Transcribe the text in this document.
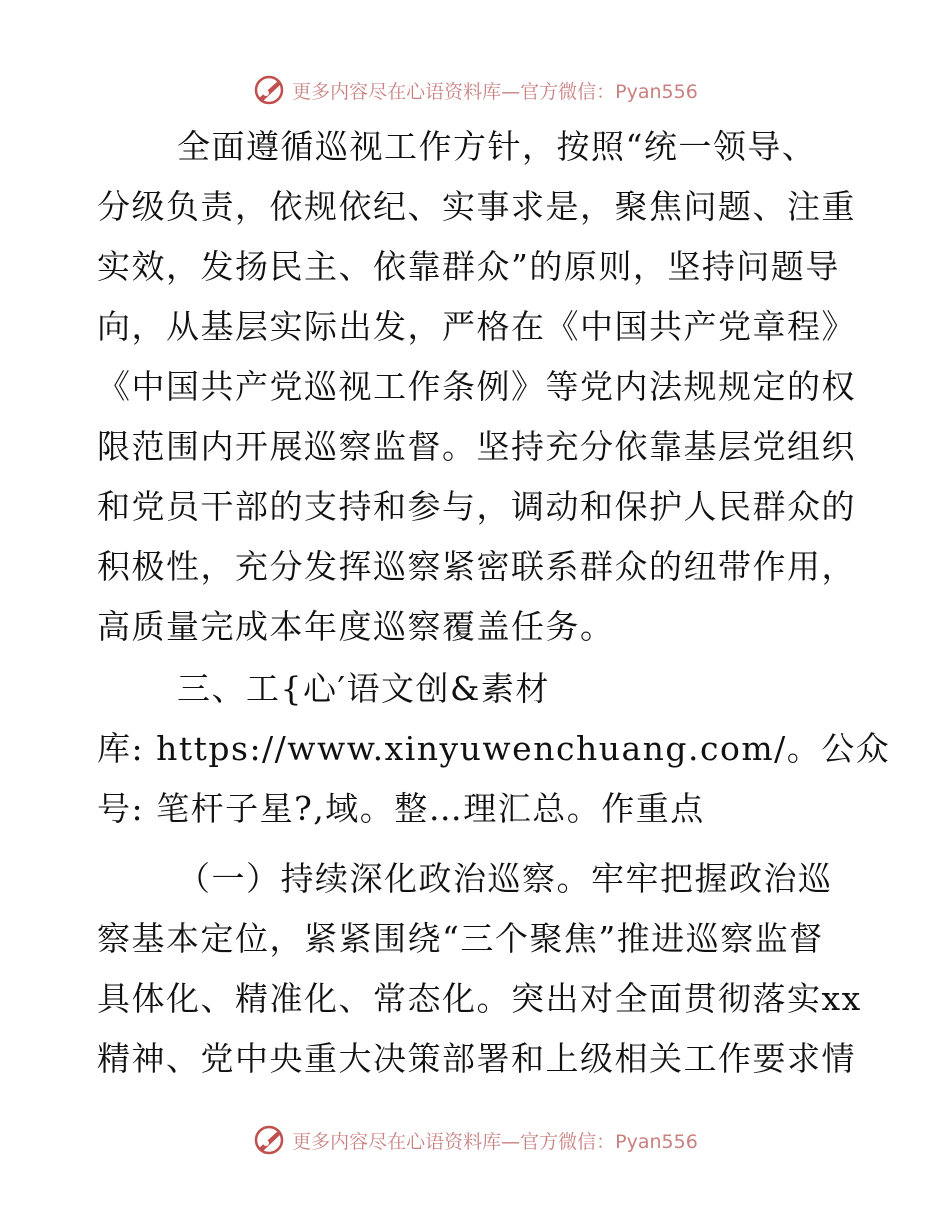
更多内容尽在心语资料库—官方微信：Pyan556
全面遵循巡视工作方针，按照“统一领导、
分级负责，依规依纪、实事求是，聚焦问题、注重
实效，发扬民主、依靠群众”的原则，坚持问题导
向，从基层实际出发，严格在《中国共产党章程》
《中国共产党巡视工作条例》等党内法规规定的权
限范围内开展巡察监督。坚持充分依靠基层党组织
和党员干部的支持和参与，调动和保护人民群众的
积极性，充分发挥巡察紧密联系群众的纽带作用，
高质量完成本年度巡察覆盖任务。
三、工{心′语文创&素材
库: https://www.xinyuwenchuang.com/。公众
号: 笔杆子星?,域。整…理汇总。作重点
（一）持续深化政治巡察。牢牢把握政治巡
察基本定位，紧紧围绕“三个聚焦”推进巡察监督
具体化、精准化、常态化。突出对全面贯彻落实xx
精神、党中央重大决策部署和上级相关工作要求情
更多内容尽在心语资料库—官方微信：Pyan556
